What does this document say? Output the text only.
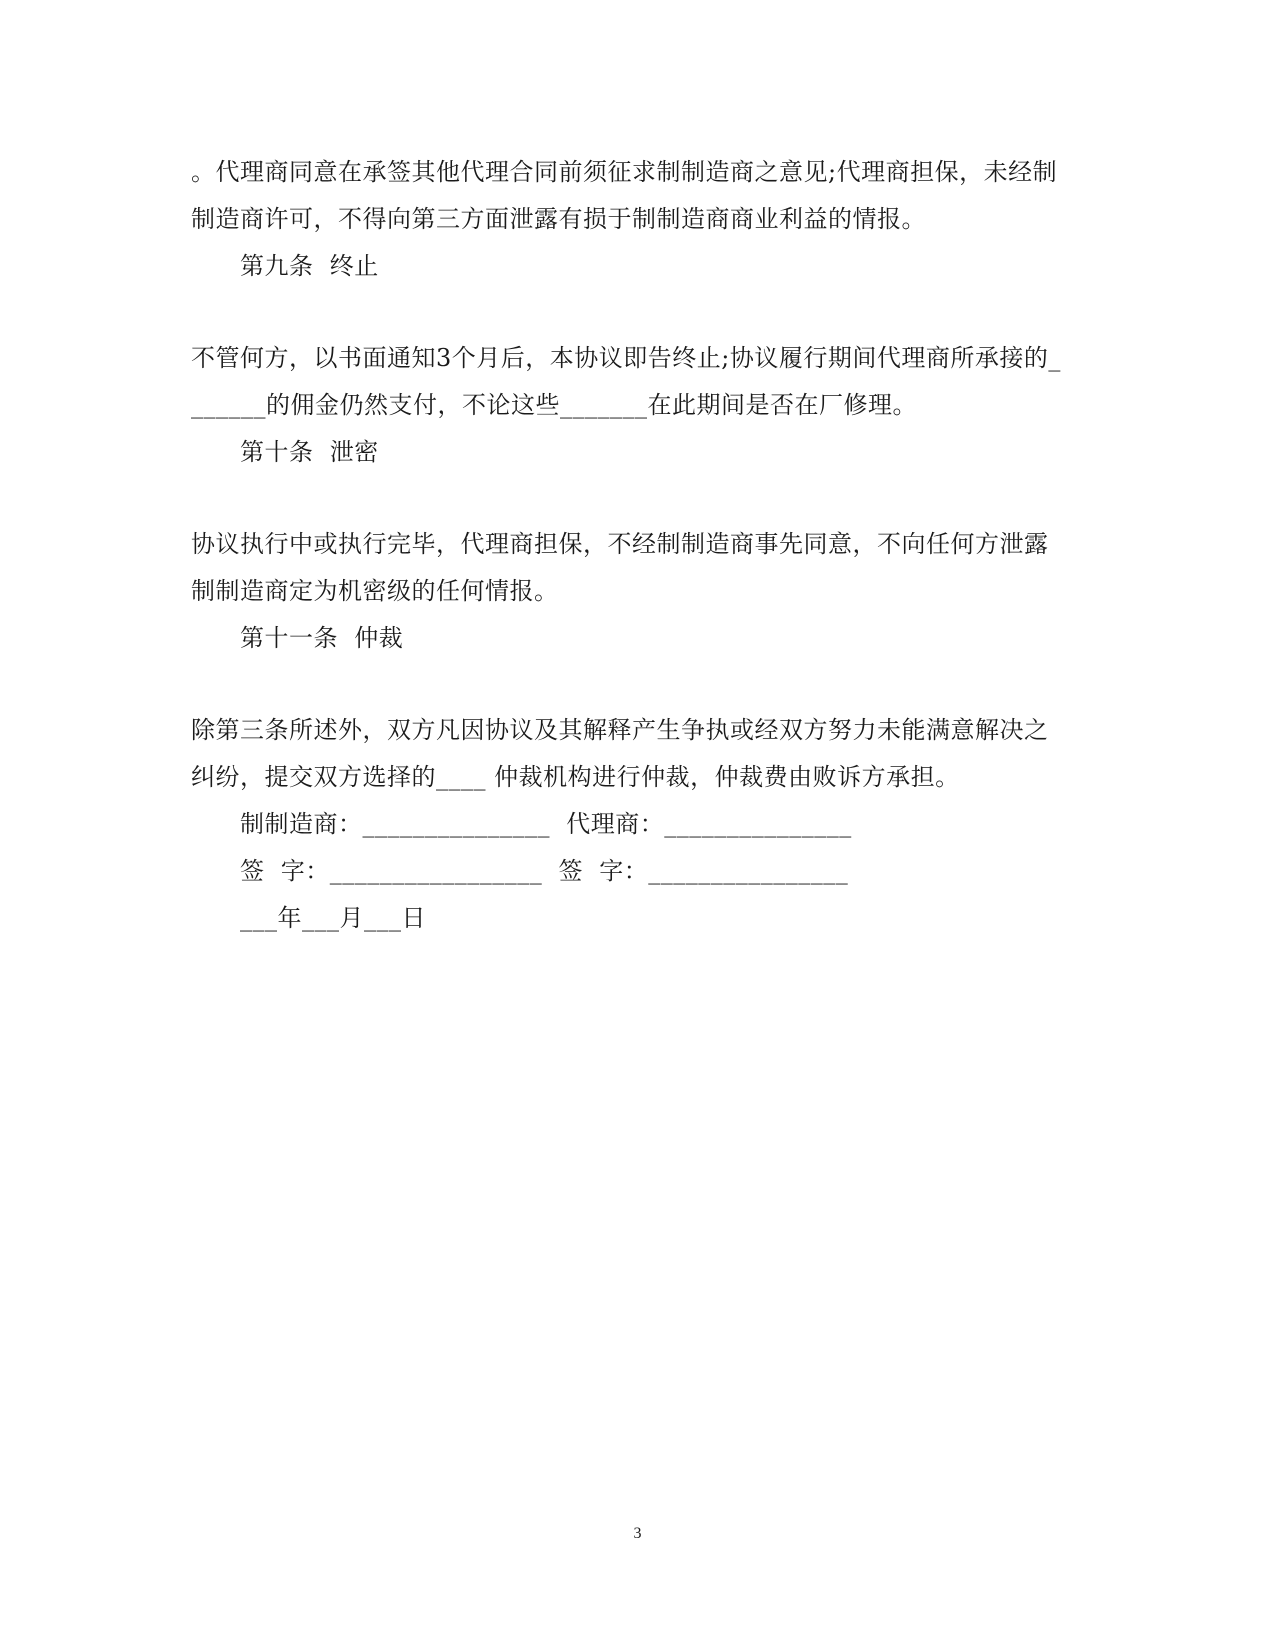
。代理商同意在承签其他代理合同前须征求制制造商之意见;代理商担保，未经制
制造商许可，不得向第三方面泄露有损于制制造商商业利益的情报。
第九条  终止
不管何方，以书面通知3个月后，本协议即告终止;协议履行期间代理商所承接的_
______的佣金仍然支付，不论这些_______在此期间是否在厂修理。
第十条  泄密
协议执行中或执行完毕，代理商担保，不经制制造商事先同意，不向任何方泄露
制制造商定为机密级的任何情报。
第十一条  仲裁
除第三条所述外，双方凡因协议及其解释产生争执或经双方努力未能满意解决之
纠纷，提交双方选择的____ 仲裁机构进行仲裁，仲裁费由败诉方承担。
制制造商：_______________  代理商：_______________
签  字：_________________  签  字：________________
___年___月___日
3
